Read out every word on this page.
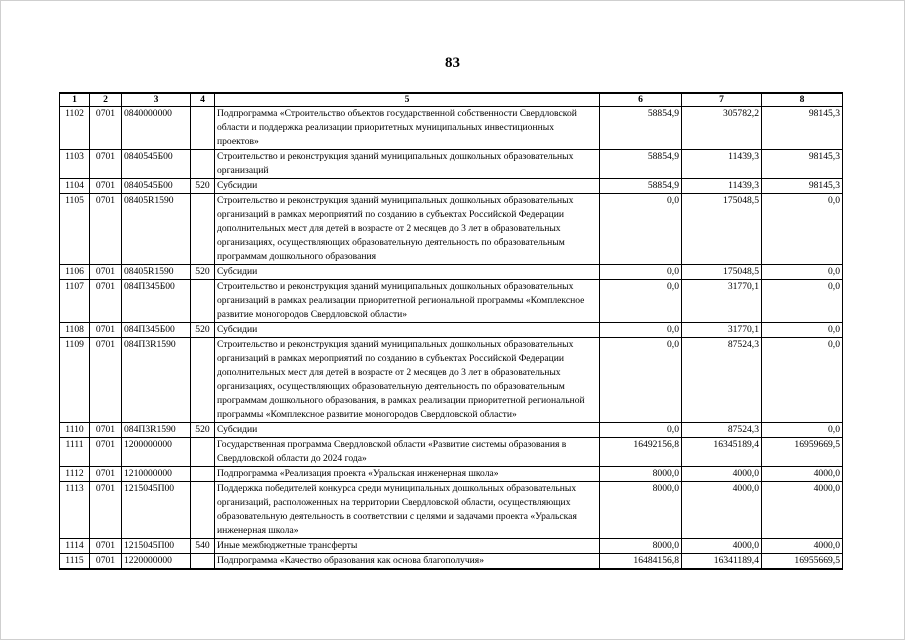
83
1	2	3	4	5	6	7	8
1102	0701	0840000000		Подпрограмма «Строительство объектов государственной собственности Свердловской области и поддержка реализации приоритетных муниципальных инвестиционных проектов»	58854,9	305782,2	98145,3
1103	0701	0840545Б00		Строительство и реконструкция зданий муниципальных дошкольных образовательных организаций	58854,9	11439,3	98145,3
1104	0701	0840545Б00	520	Субсидии	58854,9	11439,3	98145,3
1105	0701	08405R1590		Строительство и реконструкция зданий муниципальных дошкольных образовательных организаций в рамках мероприятий по созданию в субъектах Российской Федерации дополнительных мест для детей в возрасте от 2 месяцев до 3 лет в образовательных организациях, осуществляющих образовательную деятельность по образовательным программам дошкольного образования	0,0	175048,5	0,0
1106	0701	08405R1590	520	Субсидии	0,0	175048,5	0,0
1107	0701	084П345Б00		Строительство и реконструкция зданий муниципальных дошкольных образовательных организаций в рамках реализации приоритетной региональной программы «Комплексное развитие моногородов Свердловской области»	0,0	31770,1	0,0
1108	0701	084П345Б00	520	Субсидии	0,0	31770,1	0,0
1109	0701	084П3R1590		Строительство и реконструкция зданий муниципальных дошкольных образовательных организаций в рамках мероприятий по созданию в субъектах Российской Федерации дополнительных мест для детей в возрасте от 2 месяцев до 3 лет в образовательных организациях, осуществляющих образовательную деятельность по образовательным программам дошкольного образования, в рамках реализации приоритетной региональной программы «Комплексное развитие моногородов Свердловской области»	0,0	87524,3	0,0
1110	0701	084П3R1590	520	Субсидии	0,0	87524,3	0,0
1111	0701	1200000000		Государственная программа Свердловской области «Развитие системы образования в Свердловской области до 2024 года»	16492156,8	16345189,4	16959669,5
1112	0701	1210000000		Подпрограмма «Реализация проекта «Уральская инженерная школа»	8000,0	4000,0	4000,0
1113	0701	1215045П00		Поддержка победителей конкурса среди муниципальных дошкольных образовательных организаций, расположенных на территории Свердловской области, осуществляющих образовательную деятельность в соответствии с целями и задачами проекта «Уральская инженерная школа»	8000,0	4000,0	4000,0
1114	0701	1215045П00	540	Иные межбюджетные трансферты	8000,0	4000,0	4000,0
1115	0701	1220000000		Подпрограмма «Качество образования как основа благополучия»	16484156,8	16341189,4	16955669,5
